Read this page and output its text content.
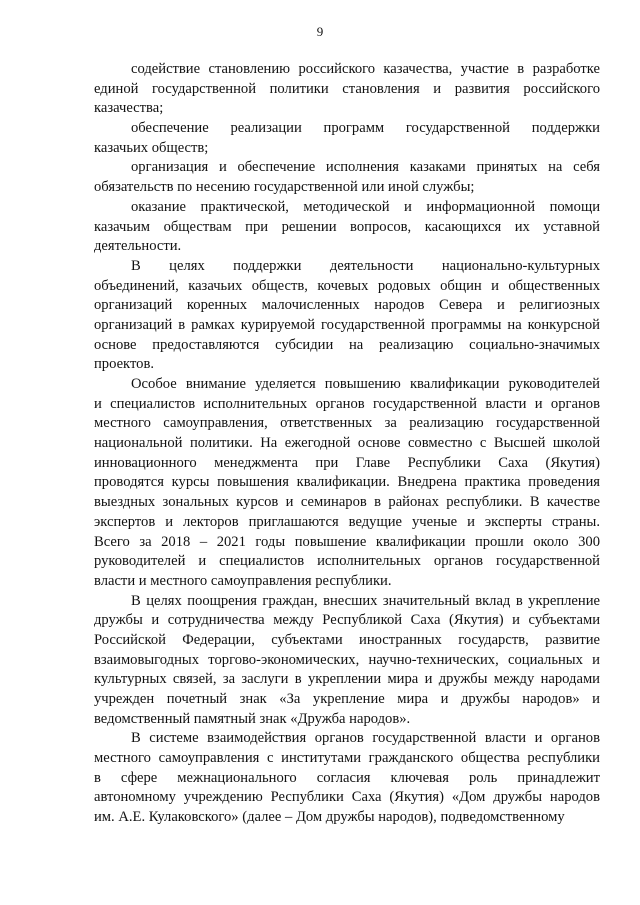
9
содействие становлению российского казачества, участие в разработке
единой государственной политики становления и развития российского
казачества;
обеспечение реализации программ государственной поддержки
казачьих обществ;
организация и обеспечение исполнения казаками принятых на себя
обязательств по несению государственной или иной службы;
оказание практической, методической и информационной помощи
казачьим обществам при решении вопросов, касающихся их уставной
деятельности.
В целях поддержки деятельности национально-культурных
объединений, казачьих обществ, кочевых родовых общин и общественных
организаций коренных малочисленных народов Севера и религиозных
организаций в рамках курируемой государственной программы на конкурсной
основе предоставляются субсидии на реализацию социально-значимых
проектов.
Особое внимание уделяется повышению квалификации руководителей
и специалистов исполнительных органов государственной власти и органов
местного самоуправления, ответственных за реализацию государственной
национальной политики. На ежегодной основе совместно с Высшей школой
инновационного менеджмента при Главе Республики Саха (Якутия)
проводятся курсы повышения квалификации. Внедрена практика проведения
выездных зональных курсов и семинаров в районах республики. В качестве
экспертов и лекторов приглашаются ведущие ученые и эксперты страны.
Всего за 2018 – 2021 годы повышение квалификации прошли около 300
руководителей и специалистов исполнительных органов государственной
власти и местного самоуправления республики.
В целях поощрения граждан, внесших значительный вклад в укрепление
дружбы и сотрудничества между Республикой Саха (Якутия) и субъектами
Российской Федерации, субъектами иностранных государств, развитие
взаимовыгодных торгово-экономических, научно-технических, социальных и
культурных связей, за заслуги в укреплении мира и дружбы между народами
учрежден почетный знак «За укрепление мира и дружбы народов» и
ведомственный памятный знак «Дружба народов».
В системе взаимодействия органов государственной власти и органов
местного самоуправления с институтами гражданского общества республики
в сфере межнационального согласия ключевая роль принадлежит
автономному учреждению Республики Саха (Якутия) «Дом дружбы народов
им. А.Е. Кулаковского» (далее – Дом дружбы народов), подведомственному
